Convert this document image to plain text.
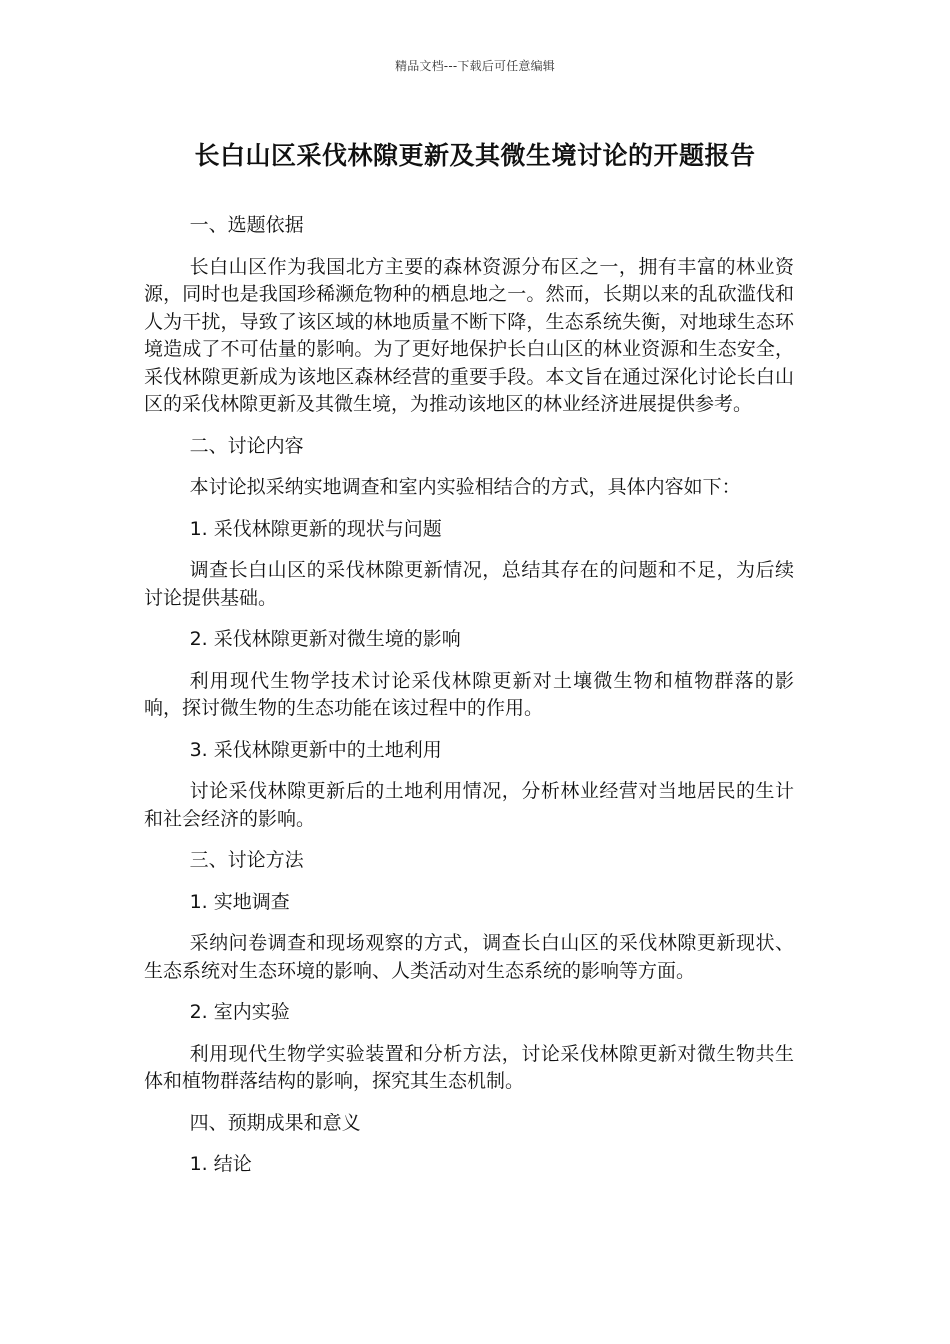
精品文档---下载后可任意编辑
长白山区采伐林隙更新及其微生境讨论的开题报告

一、选题依据

长白山区作为我国北方主要的森林资源分布区之一，拥有丰富的林业资源，同时也是我国珍稀濒危物种的栖息地之一。然而，长期以来的乱砍滥伐和人为干扰，导致了该区域的林地质量不断下降，生态系统失衡，对地球生态环境造成了不可估量的影响。为了更好地保护长白山区的林业资源和生态安全，采伐林隙更新成为该地区森林经营的重要手段。本文旨在通过深化讨论长白山区的采伐林隙更新及其微生境，为推动该地区的林业经济进展提供参考。

二、讨论内容

本讨论拟采纳实地调查和室内实验相结合的方式，具体内容如下：

1. 采伐林隙更新的现状与问题

调查长白山区的采伐林隙更新情况，总结其存在的问题和不足，为后续讨论提供基础。

2. 采伐林隙更新对微生境的影响

利用现代生物学技术讨论采伐林隙更新对土壤微生物和植物群落的影响，探讨微生物的生态功能在该过程中的作用。

3. 采伐林隙更新中的土地利用

讨论采伐林隙更新后的土地利用情况，分析林业经营对当地居民的生计和社会经济的影响。

三、讨论方法

1. 实地调查

采纳问卷调查和现场观察的方式，调查长白山区的采伐林隙更新现状、生态系统对生态环境的影响、人类活动对生态系统的影响等方面。

2. 室内实验

利用现代生物学实验装置和分析方法，讨论采伐林隙更新对微生物共生体和植物群落结构的影响，探究其生态机制。

四、预期成果和意义

1. 结论
